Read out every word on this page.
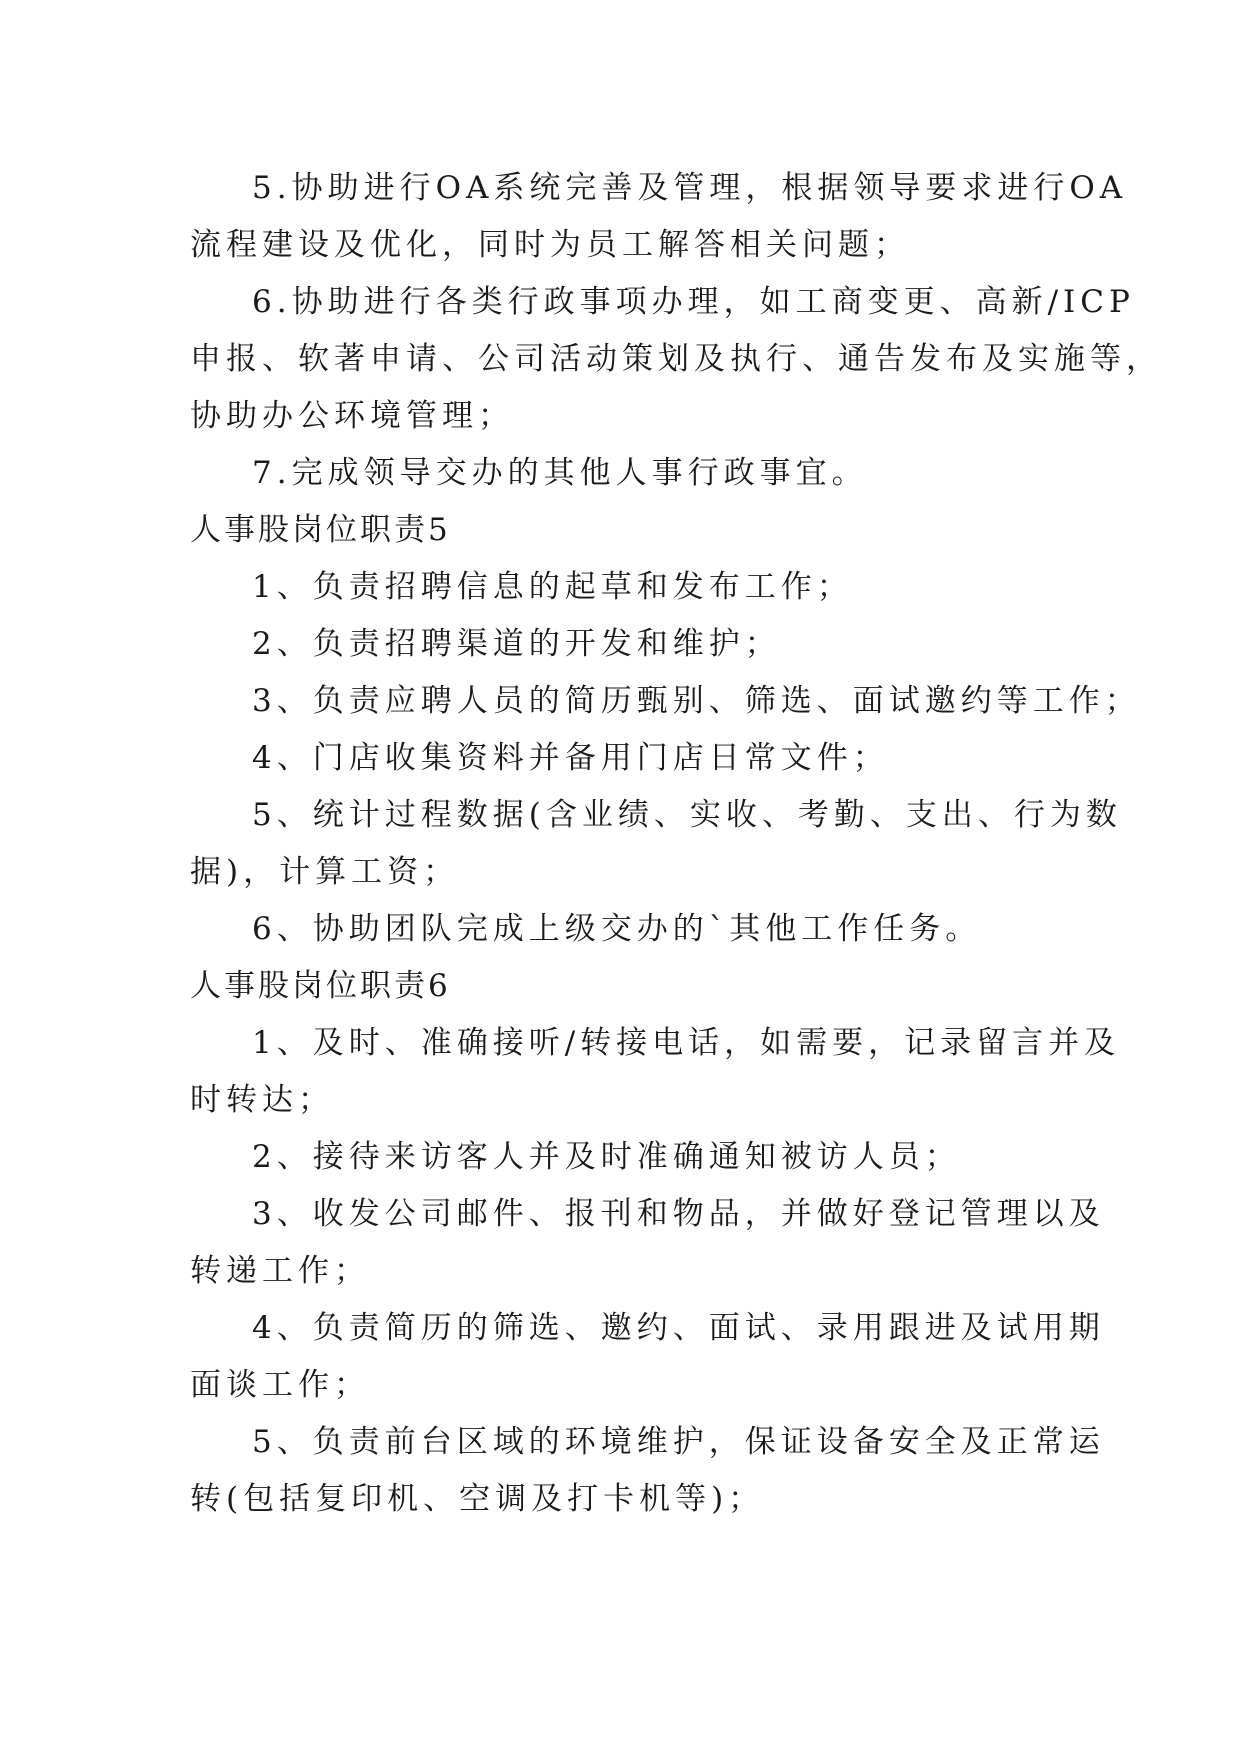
5.协助进行OA系统完善及管理，根据领导要求进行OA
流程建设及优化，同时为员工解答相关问题；
6.协助进行各类行政事项办理，如工商变更、高新/ICP
申报、软著申请、公司活动策划及执行、通告发布及实施等，
协助办公环境管理；
7.完成领导交办的其他人事行政事宜。
人事股岗位职责5
1、负责招聘信息的起草和发布工作；
2、负责招聘渠道的开发和维护；
3、负责应聘人员的简历甄别、筛选、面试邀约等工作；
4、门店收集资料并备用门店日常文件；
5、统计过程数据(含业绩、实收、考勤、支出、行为数
据)，计算工资；
6、协助团队完成上级交办的`其他工作任务。
人事股岗位职责6
1、及时、准确接听/转接电话，如需要，记录留言并及
时转达；
2、接待来访客人并及时准确通知被访人员；
3、收发公司邮件、报刊和物品，并做好登记管理以及
转递工作；
4、负责简历的筛选、邀约、面试、录用跟进及试用期
面谈工作；
5、负责前台区域的环境维护，保证设备安全及正常运
转(包括复印机、空调及打卡机等)；
